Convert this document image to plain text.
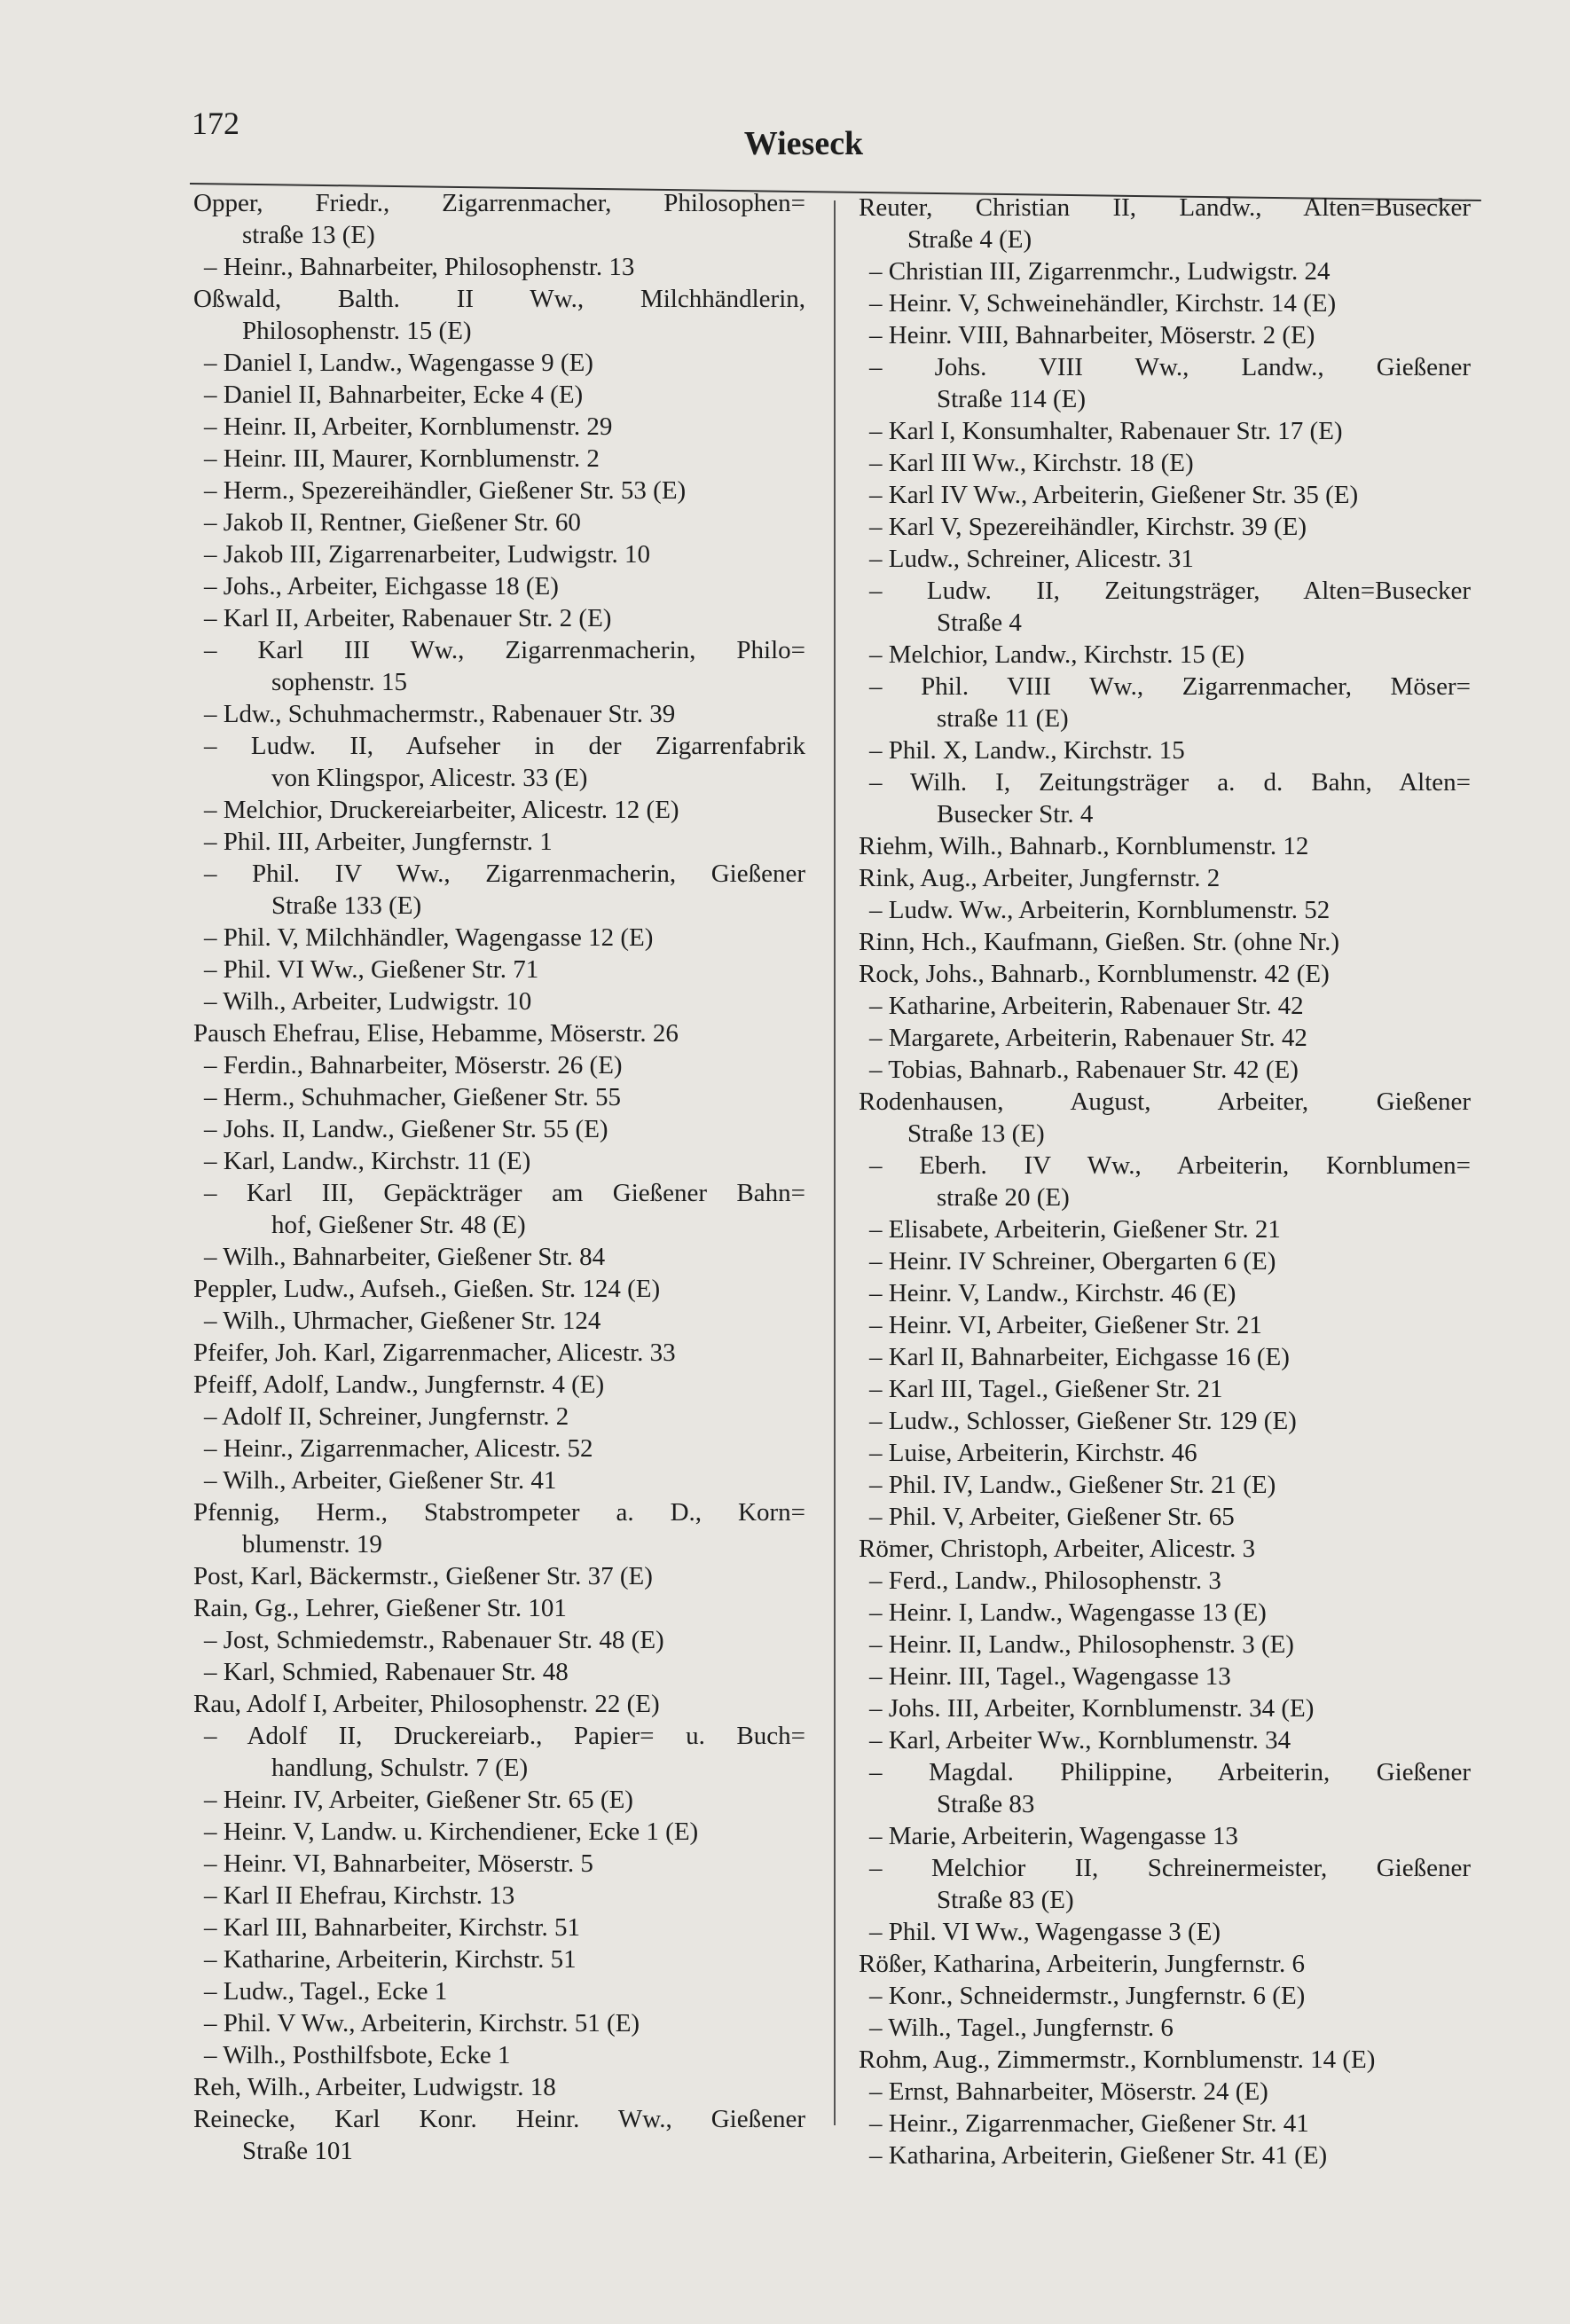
172
Wieseck
Opper, Friedr., Zigarrenmacher, Philosophen=
straße 13 (E)
– Heinr., Bahnarbeiter, Philosophenstr. 13
Oßwald, Balth. II Ww., Milchhändlerin,
Philosophenstr. 15 (E)
– Daniel I, Landw., Wagengasse 9 (E)
– Daniel II, Bahnarbeiter, Ecke 4 (E)
– Heinr. II, Arbeiter, Kornblumenstr. 29
– Heinr. III, Maurer, Kornblumenstr. 2
– Herm., Spezereihändler, Gießener Str. 53 (E)
– Jakob II, Rentner, Gießener Str. 60
– Jakob III, Zigarrenarbeiter, Ludwigstr. 10
– Johs., Arbeiter, Eichgasse 18 (E)
– Karl II, Arbeiter, Rabenauer Str. 2 (E)
– Karl III Ww., Zigarrenmacherin, Philo=
sophenstr. 15
– Ldw., Schuhmachermstr., Rabenauer Str. 39
– Ludw. II, Aufseher in der Zigarrenfabrik
von Klingspor, Alicestr. 33 (E)
– Melchior, Druckereiarbeiter, Alicestr. 12 (E)
– Phil. III, Arbeiter, Jungfernstr. 1
– Phil. IV Ww., Zigarrenmacherin, Gießener
Straße 133 (E)
– Phil. V, Milchhändler, Wagengasse 12 (E)
– Phil. VI Ww., Gießener Str. 71
– Wilh., Arbeiter, Ludwigstr. 10
Pausch Ehefrau, Elise, Hebamme, Möserstr. 26
– Ferdin., Bahnarbeiter, Möserstr. 26 (E)
– Herm., Schuhmacher, Gießener Str. 55
– Johs. II, Landw., Gießener Str. 55 (E)
– Karl, Landw., Kirchstr. 11 (E)
– Karl III, Gepäckträger am Gießener Bahn=
hof, Gießener Str. 48 (E)
– Wilh., Bahnarbeiter, Gießener Str. 84
Peppler, Ludw., Aufseh., Gießen. Str. 124 (E)
– Wilh., Uhrmacher, Gießener Str. 124
Pfeifer, Joh. Karl, Zigarrenmacher, Alicestr. 33
Pfeiff, Adolf, Landw., Jungfernstr. 4 (E)
– Adolf II, Schreiner, Jungfernstr. 2
– Heinr., Zigarrenmacher, Alicestr. 52
– Wilh., Arbeiter, Gießener Str. 41
Pfennig, Herm., Stabstrompeter a. D., Korn=
blumenstr. 19
Post, Karl, Bäckermstr., Gießener Str. 37 (E)
Rain, Gg., Lehrer, Gießener Str. 101
– Jost, Schmiedemstr., Rabenauer Str. 48 (E)
– Karl, Schmied, Rabenauer Str. 48
Rau, Adolf I, Arbeiter, Philosophenstr. 22 (E)
– Adolf II, Druckereiarb., Papier= u. Buch=
handlung, Schulstr. 7 (E)
– Heinr. IV, Arbeiter, Gießener Str. 65 (E)
– Heinr. V, Landw. u. Kirchendiener, Ecke 1 (E)
– Heinr. VI, Bahnarbeiter, Möserstr. 5
– Karl II Ehefrau, Kirchstr. 13
– Karl III, Bahnarbeiter, Kirchstr. 51
– Katharine, Arbeiterin, Kirchstr. 51
– Ludw., Tagel., Ecke 1
– Phil. V Ww., Arbeiterin, Kirchstr. 51 (E)
– Wilh., Posthilfsbote, Ecke 1
Reh, Wilh., Arbeiter, Ludwigstr. 18
Reinecke, Karl Konr. Heinr. Ww., Gießener
Straße 101
Reuter, Christian II, Landw., Alten=Busecker
Straße 4 (E)
– Christian III, Zigarrenmchr., Ludwigstr. 24
– Heinr. V, Schweinehändler, Kirchstr. 14 (E)
– Heinr. VIII, Bahnarbeiter, Möserstr. 2 (E)
– Johs. VIII Ww., Landw., Gießener
Straße 114 (E)
– Karl I, Konsumhalter, Rabenauer Str. 17 (E)
– Karl III Ww., Kirchstr. 18 (E)
– Karl IV Ww., Arbeiterin, Gießener Str. 35 (E)
– Karl V, Spezereihändler, Kirchstr. 39 (E)
– Ludw., Schreiner, Alicestr. 31
– Ludw. II, Zeitungsträger, Alten=Busecker
Straße 4
– Melchior, Landw., Kirchstr. 15 (E)
– Phil. VIII Ww., Zigarrenmacher, Möser=
straße 11 (E)
– Phil. X, Landw., Kirchstr. 15
– Wilh. I, Zeitungsträger a. d. Bahn, Alten=
Busecker Str. 4
Riehm, Wilh., Bahnarb., Kornblumenstr. 12
Rink, Aug., Arbeiter, Jungfernstr. 2
– Ludw. Ww., Arbeiterin, Kornblumenstr. 52
Rinn, Hch., Kaufmann, Gießen. Str. (ohne Nr.)
Rock, Johs., Bahnarb., Kornblumenstr. 42 (E)
– Katharine, Arbeiterin, Rabenauer Str. 42
– Margarete, Arbeiterin, Rabenauer Str. 42
– Tobias, Bahnarb., Rabenauer Str. 42 (E)
Rodenhausen, August, Arbeiter, Gießener
Straße 13 (E)
– Eberh. IV Ww., Arbeiterin, Kornblumen=
straße 20 (E)
– Elisabete, Arbeiterin, Gießener Str. 21
– Heinr. IV Schreiner, Obergarten 6 (E)
– Heinr. V, Landw., Kirchstr. 46 (E)
– Heinr. VI, Arbeiter, Gießener Str. 21
– Karl II, Bahnarbeiter, Eichgasse 16 (E)
– Karl III, Tagel., Gießener Str. 21
– Ludw., Schlosser, Gießener Str. 129 (E)
– Luise, Arbeiterin, Kirchstr. 46
– Phil. IV, Landw., Gießener Str. 21 (E)
– Phil. V, Arbeiter, Gießener Str. 65
Römer, Christoph, Arbeiter, Alicestr. 3
– Ferd., Landw., Philosophenstr. 3
– Heinr. I, Landw., Wagengasse 13 (E)
– Heinr. II, Landw., Philosophenstr. 3 (E)
– Heinr. III, Tagel., Wagengasse 13
– Johs. III, Arbeiter, Kornblumenstr. 34 (E)
– Karl, Arbeiter Ww., Kornblumenstr. 34
– Magdal. Philippine, Arbeiterin, Gießener
Straße 83
– Marie, Arbeiterin, Wagengasse 13
– Melchior II, Schreinermeister, Gießener
Straße 83 (E)
– Phil. VI Ww., Wagengasse 3 (E)
Rößer, Katharina, Arbeiterin, Jungfernstr. 6
– Konr., Schneidermstr., Jungfernstr. 6 (E)
– Wilh., Tagel., Jungfernstr. 6
Rohm, Aug., Zimmermstr., Kornblumenstr. 14 (E)
– Ernst, Bahnarbeiter, Möserstr. 24 (E)
– Heinr., Zigarrenmacher, Gießener Str. 41
– Katharina, Arbeiterin, Gießener Str. 41 (E)
